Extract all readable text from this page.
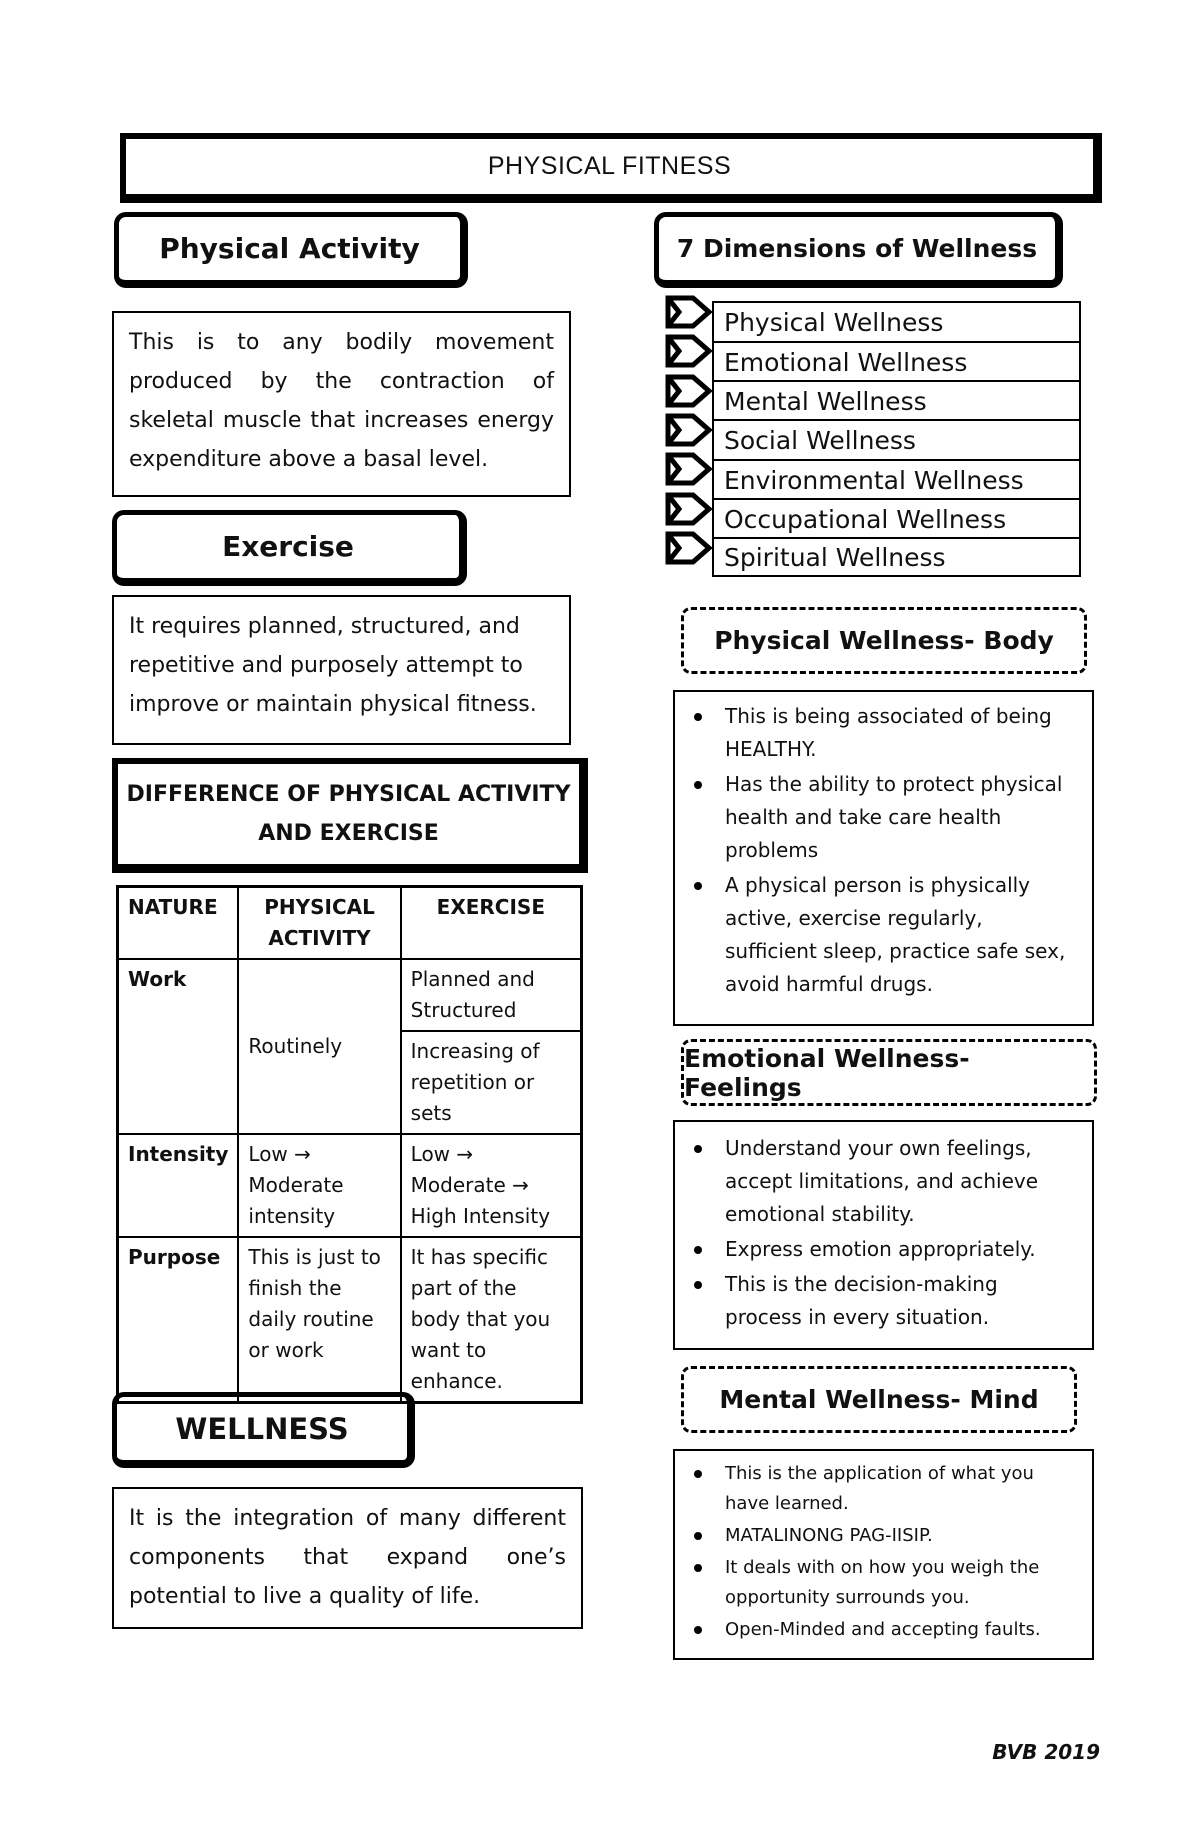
PHYSICAL FITNESS
Physical Activity
This is to any bodily movement produced by the contraction of skeletal muscle that increases energy expenditure above a basal level.
Exercise
It requires planned, structured, and repetitive and purposely attempt to improve or maintain physical fitness.
DIFFERENCE OF PHYSICAL ACTIVITY
AND EXERCISE
NATURE	PHYSICAL ACTIVITY	EXERCISE
Work	Routinely	Planned and Structured
		Increasing of repetition or sets
Intensity	Low → Moderate intensity	Low → Moderate → High Intensity
Purpose	This is just to finish the daily routine or work	It has specific part of the body that you want to enhance.
WELLNESS
It is the integration of many different components that expand one’s potential to live a quality of life.
7 Dimensions of Wellness
Physical Wellness
Emotional Wellness
Mental Wellness
Social Wellness
Environmental Wellness
Occupational Wellness
Spiritual Wellness
Physical Wellness- Body
This is being associated of being HEALTHY.
Has the ability to protect physical health and take care health problems
A physical person is physically active, exercise regularly, sufficient sleep, practice safe sex, avoid harmful drugs.
Emotional Wellness- Feelings
Understand your own feelings, accept limitations, and achieve emotional stability.
Express emotion appropriately.
This is the decision-making process in every situation.
Mental Wellness- Mind
This is the application of what you have learned.
MATALINONG PAG-IISIP.
It deals with on how you weigh the opportunity surrounds you.
Open-Minded and accepting faults.
BVB 2019
